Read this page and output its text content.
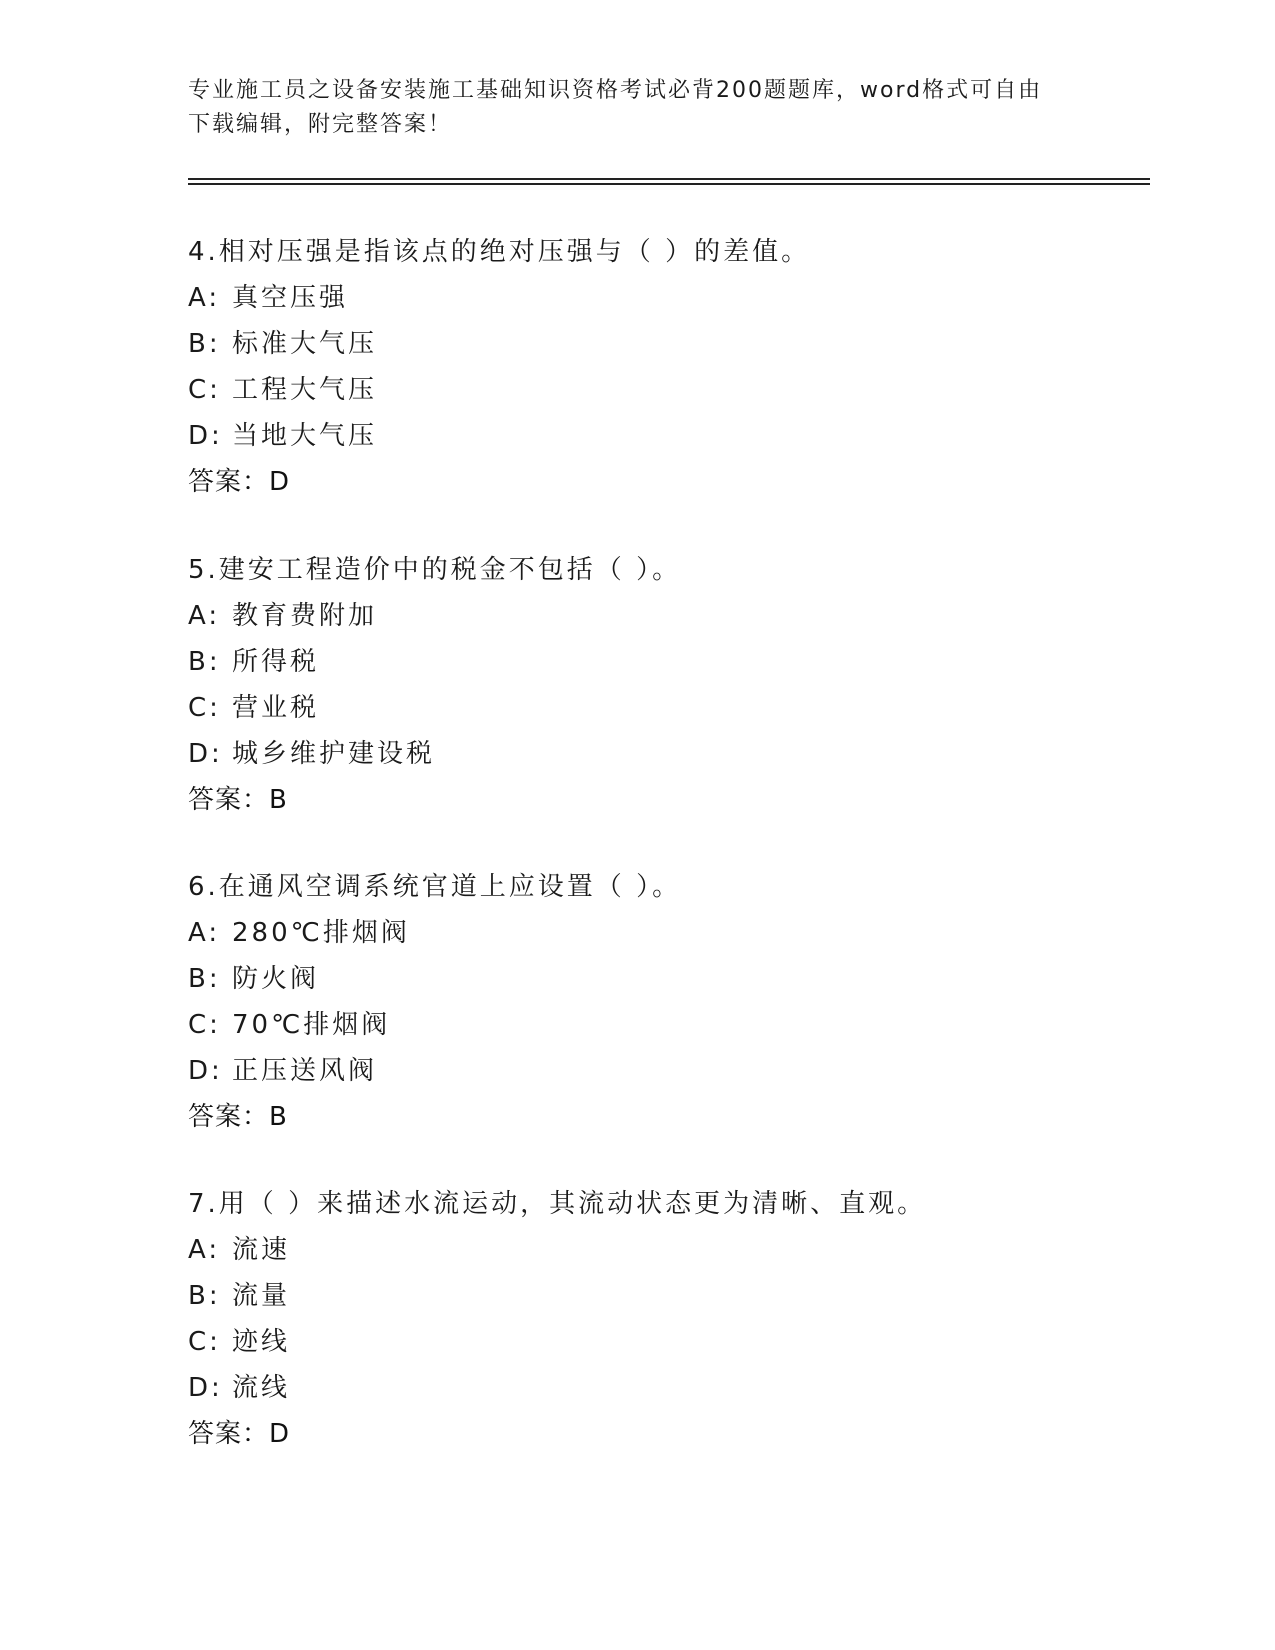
专业施工员之设备安装施工基础知识资格考试必背200题题库，word格式可自由
下载编辑，附完整答案！
4.相对压强是指该点的绝对压强与（ ）的差值。
A: 真空压强
B: 标准大气压
C: 工程大气压
D: 当地大气压
答案：D
5.建安工程造价中的税金不包括（ ）。
A: 教育费附加
B: 所得税
C: 营业税
D: 城乡维护建设税
答案：B
6.在通风空调系统官道上应设置（ ）。
A: 280℃排烟阀
B: 防火阀
C: 70℃排烟阀
D: 正压送风阀
答案：B
7.用（ ）来描述水流运动，其流动状态更为清晰、直观。
A: 流速
B: 流量
C: 迹线
D: 流线
答案：D
